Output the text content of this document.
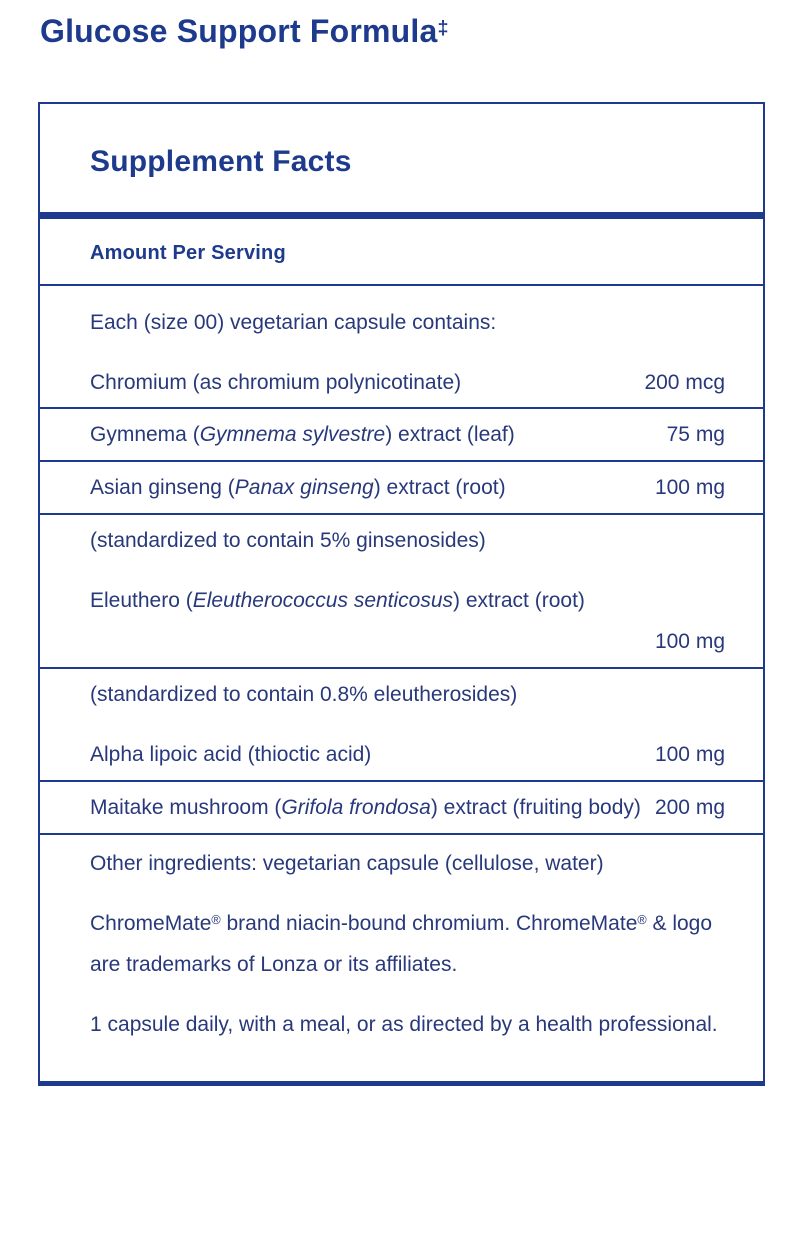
Glucose Support Formula‡
Supplement Facts
Amount Per Serving
Each (size 00) vegetarian capsule contains:
Chromium (as chromium polynicotinate)	200 mcg
Gymnema (Gymnema sylvestre) extract (leaf)	75 mg
Asian ginseng (Panax ginseng) extract (root)	100 mg
(standardized to contain 5% ginsenosides)
Eleuthero (Eleutherococcus senticosus) extract (root)
100 mg
(standardized to contain 0.8% eleutherosides)
Alpha lipoic acid (thioctic acid)	100 mg
Maitake mushroom (Grifola frondosa) extract (fruiting body) 200 mg
Other ingredients: vegetarian capsule (cellulose, water)
ChromeMate® brand niacin-bound chromium. ChromeMate® & logo are trademarks of Lonza or its affiliates.
1 capsule daily, with a meal, or as directed by a health professional.
